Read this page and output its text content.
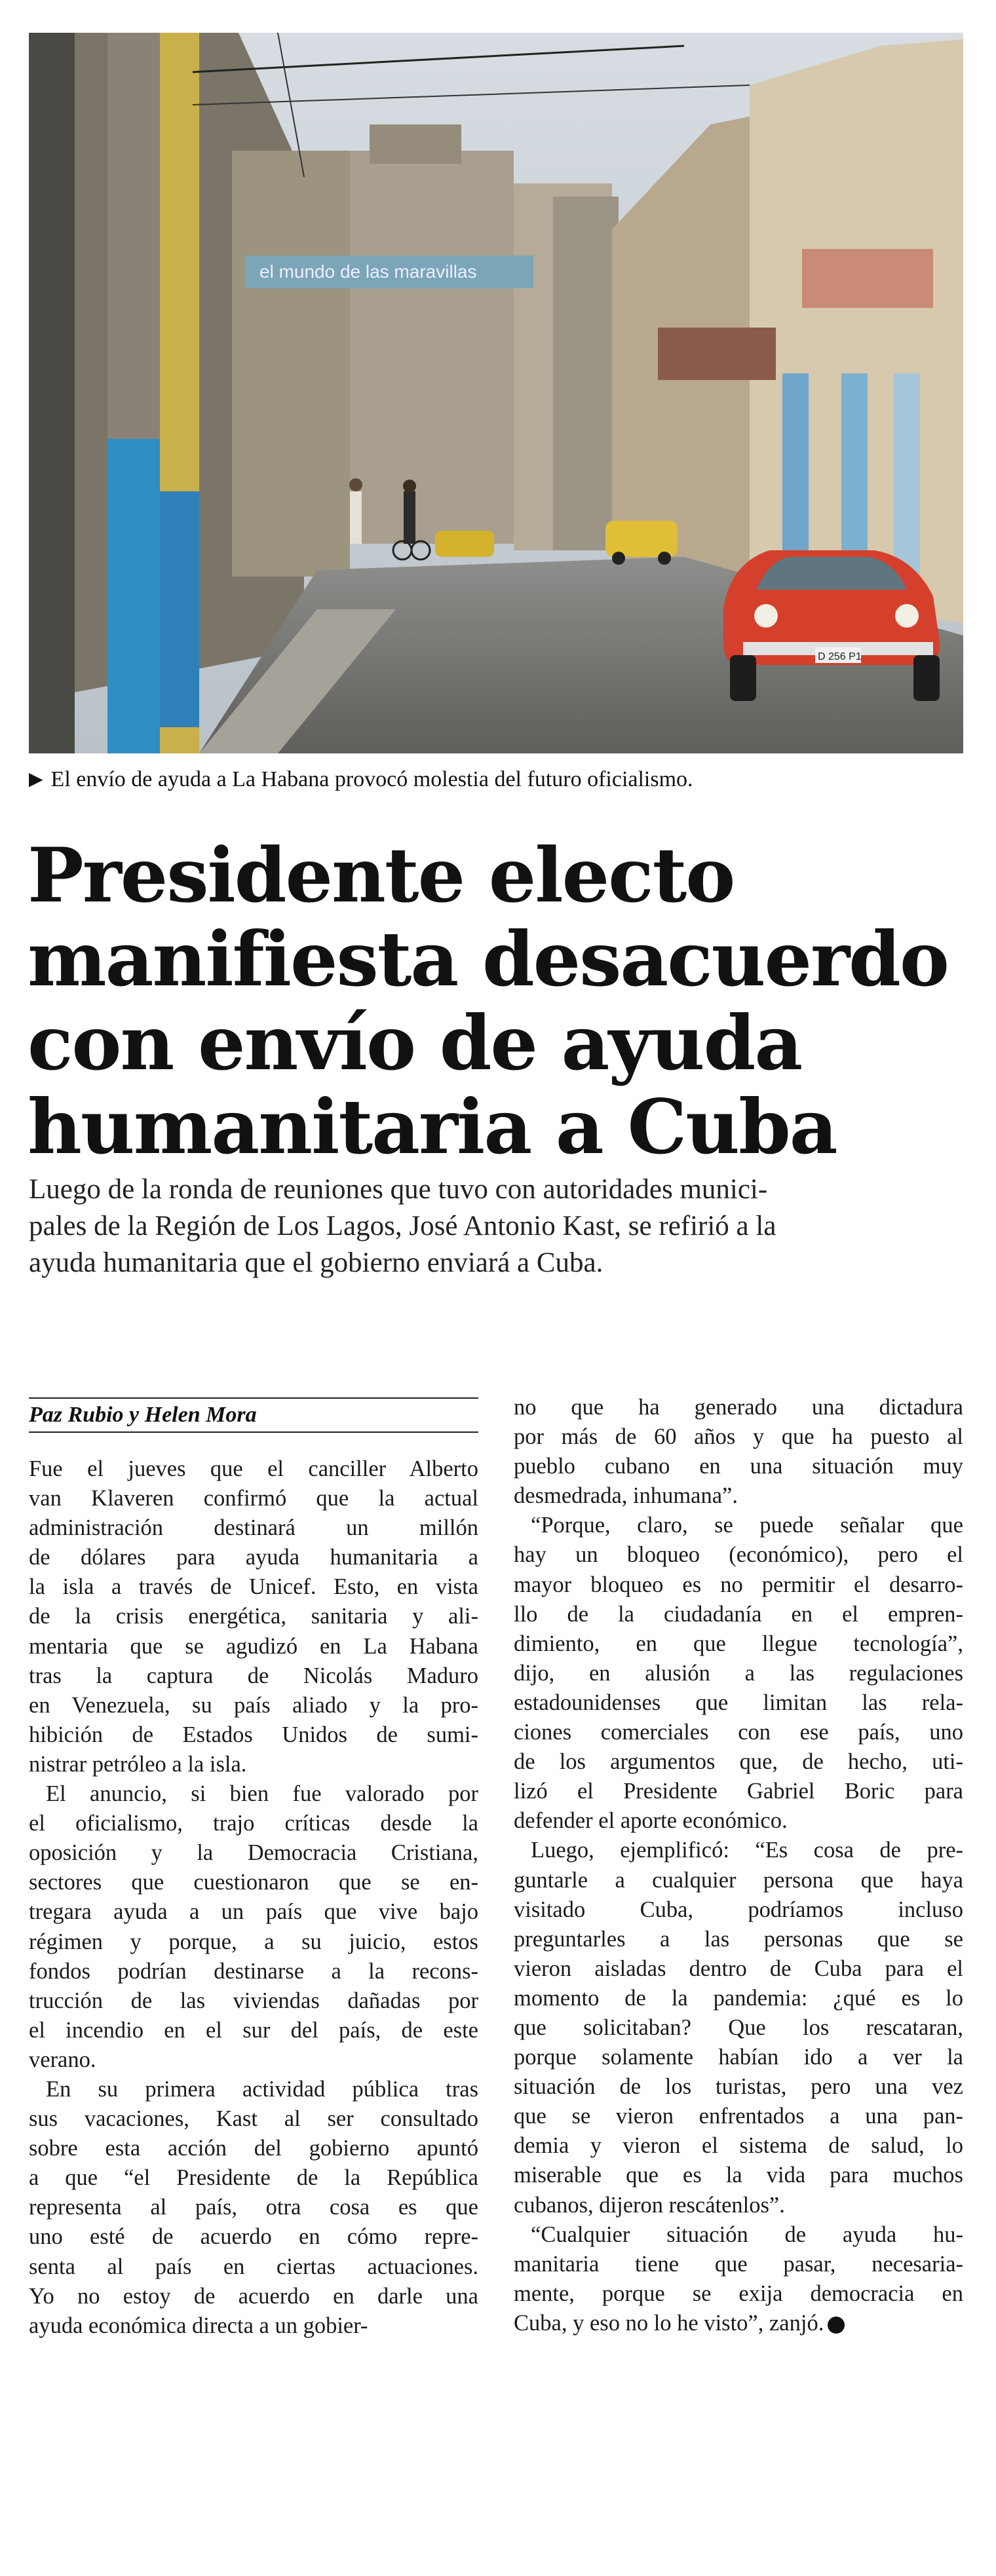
el mundo de las maravillas
D 256 P1
▶ El envío de ayuda a La Habana provocó molestia del futuro oficialismo.
Presidente electo
manifiesta desacuerdo
con envío de ayuda
humanitaria a Cuba

Luego de la ronda de reuniones que tuvo con autoridades munici-
pales de la Región de Los Lagos, José Antonio Kast, se refirió a la
ayuda humanitaria que el gobierno enviará a Cuba.

Paz Rubio y Helen Mora

Fue el jueves que el canciller Alberto
van Klaveren confirmó que la actual
administración destinará un millón
de dólares para ayuda humanitaria a
la isla a través de Unicef. Esto, en vista
de la crisis energética, sanitaria y ali-
mentaria que se agudizó en La Habana
tras la captura de Nicolás Maduro
en Venezuela, su país aliado y la pro-
hibición de Estados Unidos de sumi-
nistrar petróleo a la isla.

El anuncio, si bien fue valorado por
el oficialismo, trajo críticas desde la
oposición y la Democracia Cristiana,
sectores que cuestionaron que se en-
tregara ayuda a un país que vive bajo
régimen y porque, a su juicio, estos
fondos podrían destinarse a la recons-
trucción de las viviendas dañadas por
el incendio en el sur del país, de este
verano.

En su primera actividad pública tras
sus vacaciones, Kast al ser consultado
sobre esta acción del gobierno apuntó
a que “el Presidente de la República
representa al país, otra cosa es que
uno esté de acuerdo en cómo repre-
senta al país en ciertas actuaciones.
Yo no estoy de acuerdo en darle una
ayuda económica directa a un gobier-

no que ha generado una dictadura
por más de 60 años y que ha puesto al
pueblo cubano en una situación muy
desmedrada, inhumana”.

“Porque, claro, se puede señalar que
hay un bloqueo (económico), pero el
mayor bloqueo es no permitir el desarro-
llo de la ciudadanía en el empren-
dimiento, en que llegue tecnología”,
dijo, en alusión a las regulaciones
estadounidenses que limitan las rela-
ciones comerciales con ese país, uno
de los argumentos que, de hecho, uti-
lizó el Presidente Gabriel Boric para
defender el aporte económico.

Luego, ejemplificó: “Es cosa de pre-
guntarle a cualquier persona que haya
visitado Cuba, podríamos incluso
preguntarles a las personas que se
vieron aisladas dentro de Cuba para el
momento de la pandemia: ¿qué es lo
que solicitaban? Que los rescataran,
porque solamente habían ido a ver la
situación de los turistas, pero una vez
que se vieron enfrentados a una pan-
demia y vieron el sistema de salud, lo
miserable que es la vida para muchos
cubanos, dijeron rescátenlos”.

“Cualquier situación de ayuda hu-
manitaria tiene que pasar, necesaria-
mente, porque se exija democracia en
Cuba, y eso no lo he visto”, zanjó.
